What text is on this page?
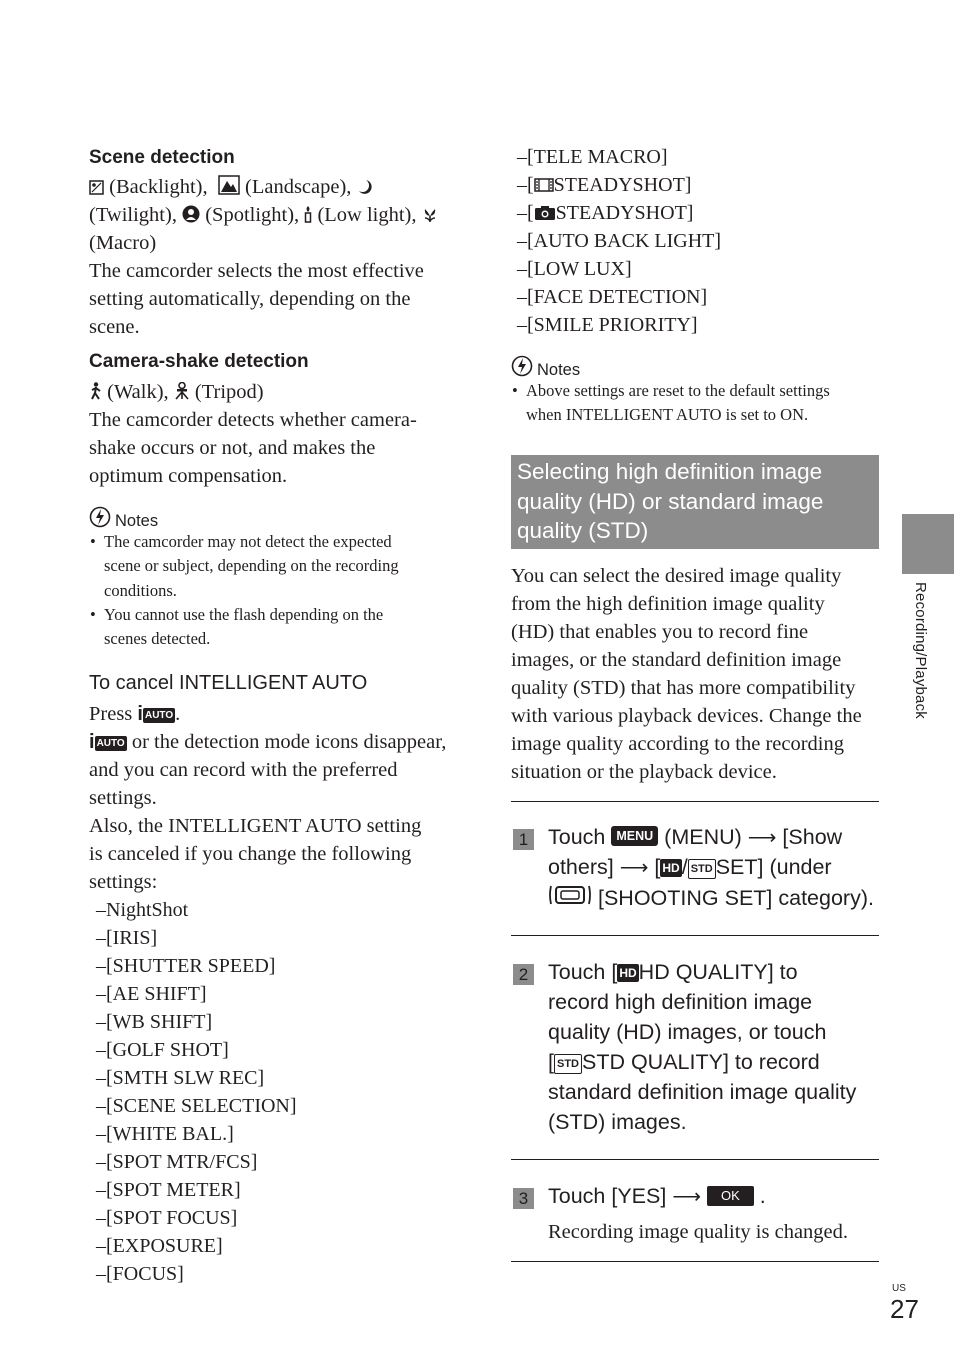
Scene detection
(Backlight), (Landscape),
(Twilight), (Spotlight), (Low light),
(Macro)
The camcorder selects the most effective
setting automatically, depending on the
scene.
Camera-shake detection
(Walk), (Tripod)
The camcorder detects whether camera-
shake occurs or not, and makes the
optimum compensation.
Notes
• The camcorder may not detect the expected
scene or subject, depending on the recording
conditions.
• You cannot use the flash depending on the
scenes detected.
To cancel INTELLIGENT AUTO
Press i AUTO.
i AUTO or the detection mode icons disappear,
and you can record with the preferred
settings.
Also, the INTELLIGENT AUTO setting
is canceled if you change the following
settings:
–NightShot
–[IRIS]
–[SHUTTER SPEED]
–[AE SHIFT]
–[WB SHIFT]
–[GOLF SHOT]
–[SMTH SLW REC]
–[SCENE SELECTION]
–[WHITE BAL.]
–[SPOT MTR/FCS]
–[SPOT METER]
–[SPOT FOCUS]
–[EXPOSURE]
–[FOCUS]
–[TELE MACRO]
–[ STEADYSHOT]
–[ STEADYSHOT]
–[AUTO BACK LIGHT]
–[LOW LUX]
–[FACE DETECTION]
–[SMILE PRIORITY]
Notes
• Above settings are reset to the default settings
when INTELLIGENT AUTO is set to ON.
Selecting high definition image
quality (HD) or standard image
quality (STD)
You can select the desired image quality
from the high definition image quality
(HD) that enables you to record fine
images, or the standard definition image
quality (STD) that has more compatibility
with various playback devices. Change the
image quality according to the recording
situation or the playback device.
1 Touch MENU (MENU) ⟶ [Show
others] ⟶ [ HD/ STD SET] (under
[SHOOTING SET] category).
2 Touch [ HDHD QUALITY] to
record high definition image
quality (HD) images, or touch
[ STD STD QUALITY] to record
standard definition image quality
(STD) images.
3 Touch [YES] ⟶ OK .
Recording image quality is changed.
Recording/Playback
US
27
